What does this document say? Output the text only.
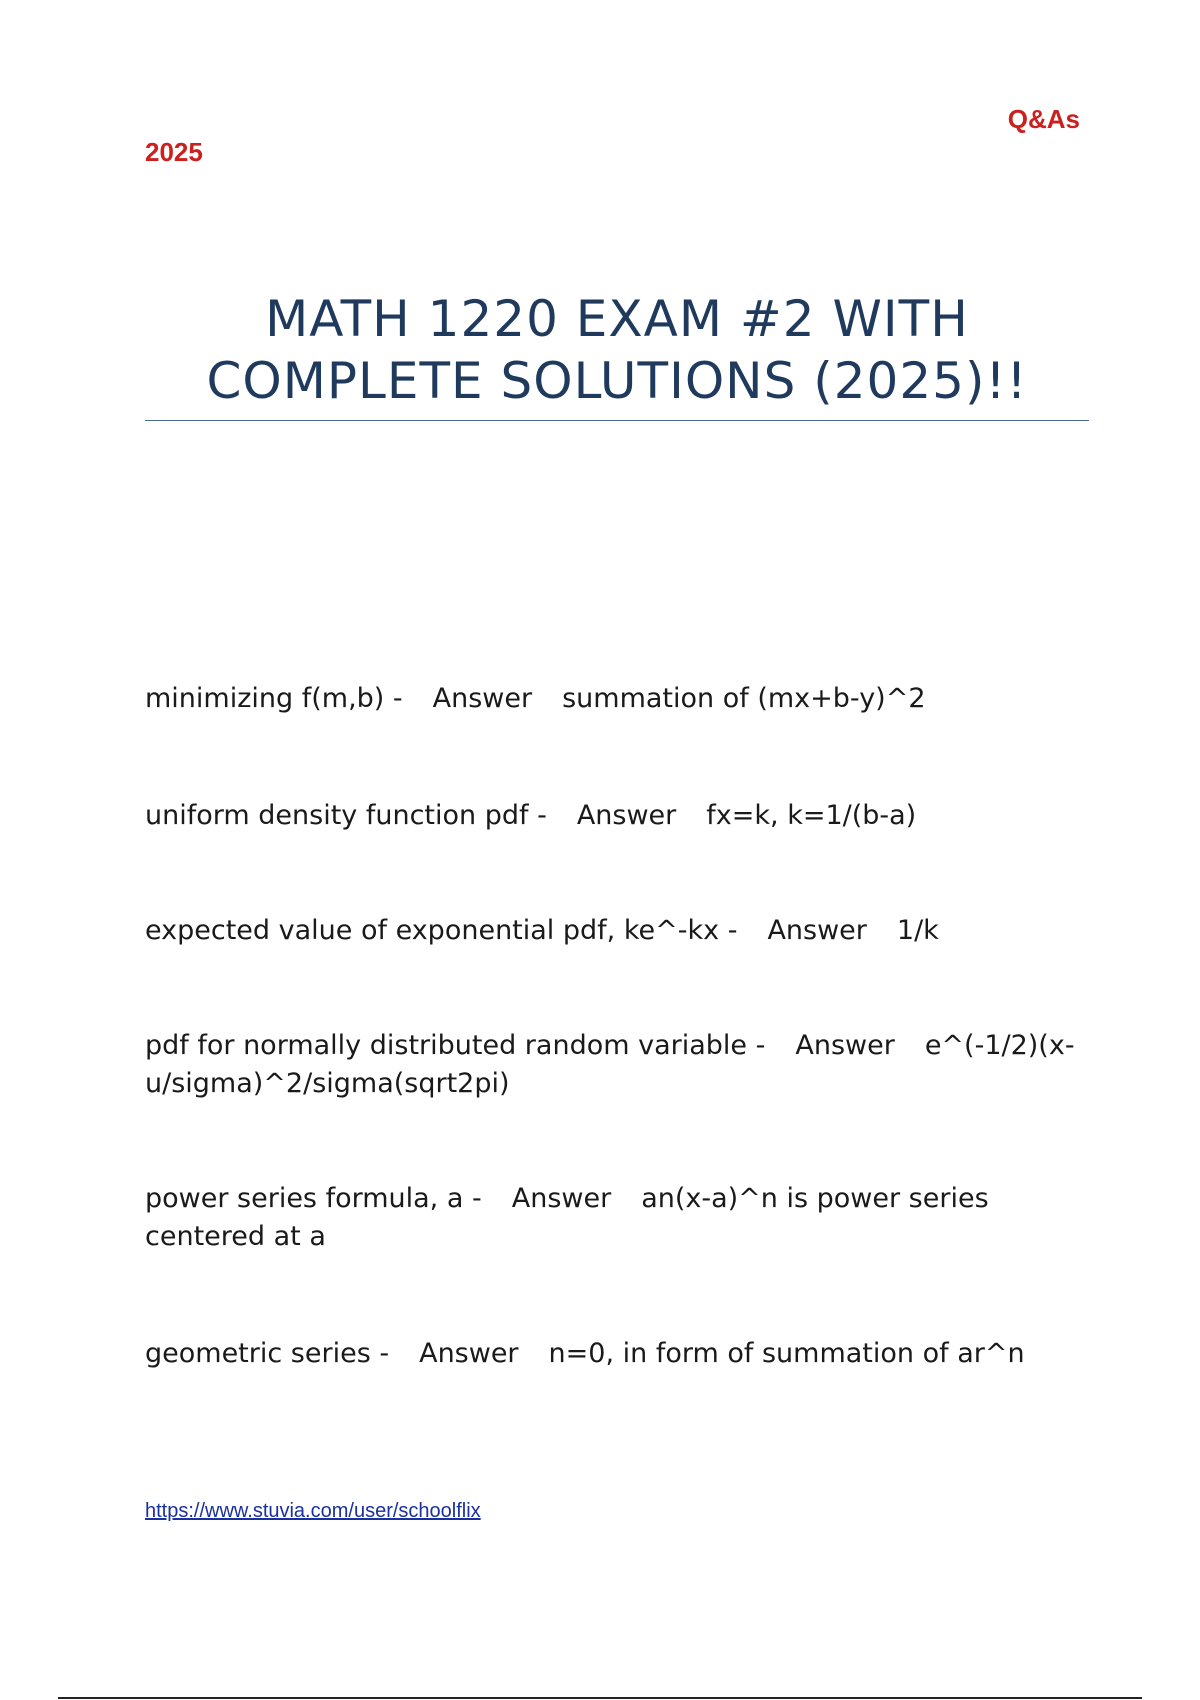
Q&As
2025
MATH 1220 EXAM #2 WITH
COMPLETE SOLUTIONS (2025)!!
minimizing f(m,b) - Answer summation of (mx+b-y)^2
uniform density function pdf - Answer fx=k, k=1/(b-a)
expected value of exponential pdf, ke^-kx - Answer 1/k
pdf for normally distributed random variable - Answer e^(-1/2)(x-u/sigma)^2/sigma(sqrt2pi)
power series formula, a - Answer an(x-a)^n is power series centered at a
geometric series - Answer n=0, in form of summation of ar^n
https://www.stuvia.com/user/schoolflix
